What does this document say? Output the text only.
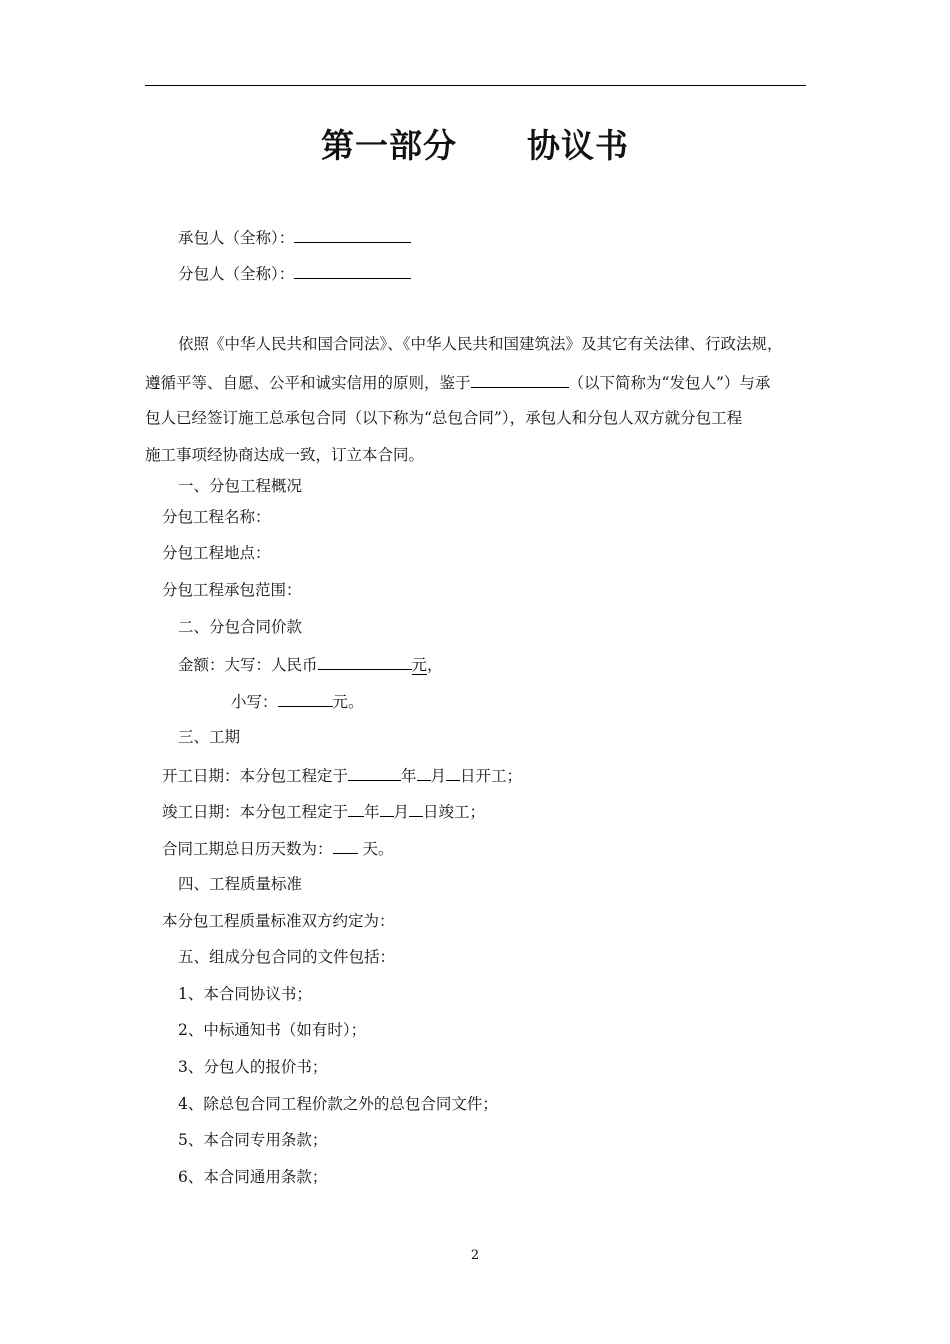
第一部分 协议书
承包人（全称）：
分包人（全称）：
依照《中华人民共和国合同法》、《中华人民共和国建筑法》及其它有关法律、行政法规，
遵循平等、自愿、公平和诚实信用的原则，鉴于	（以下简称为“发包人”）与承
包人已经签订施工总承包合同（以下称为“总包合同”），承包人和分包人双方就分包工程
施工事项经协商达成一致，订立本合同。
一、分包工程概况
分包工程名称：
分包工程地点：
分包工程承包范围：
二、分包合同价款
金额：大写：人民币	元，
小写：	元。
三、工期
开工日期：本分包工程定于	年 月 日开工；
竣工日期：本分包工程定于 年 月 日竣工；
合同工期总日历天数为： 天。
四、工程质量标准
本分包工程质量标准双方约定为：
五、组成分包合同的文件包括：
1、本合同协议书；
2、中标通知书（如有时）；
3、分包人的报价书；
4、除总包合同工程价款之外的总包合同文件；
5、本合同专用条款；
6、本合同通用条款；
2
